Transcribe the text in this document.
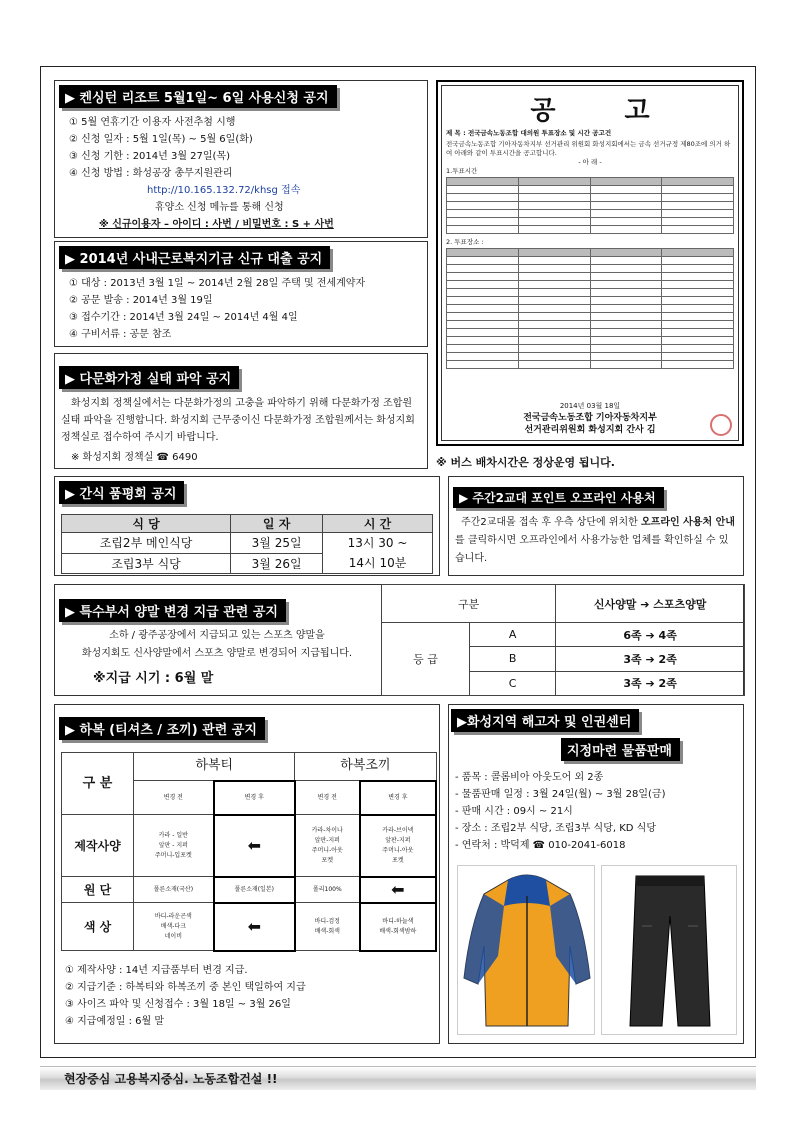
▶ 켄싱턴 리조트 5월1일~ 6일 사용신청 공지
① 5월 연휴기간 이용자 사전추첨 시행
② 신청 일자 : 5월 1일(목) ~ 5월 6일(화)
③ 신청 기한 : 2014년 3월 27일(목)
④ 신청 방법 : 화성공장 총무지원관리
http://10.165.132.72/khsg 접속
휴양소 신청 메뉴를 통해 신청
※ 신규이용자 – 아이디 : 사번 / 비밀번호 : S + 사번
▶ 2014년 사내근로복지기금 신규 대출 공지
① 대상 : 2013년 3월 1일 ~ 2014년 2월 28일 주택 및 전세계약자
② 공문 발송 : 2014년 3월 19일
③ 접수기간 : 2014년 3월 24일 ~ 2014년 4월 4일
④ 구비서류 : 공문 참조
▶ 다문화가정 실태 파악 공지
화성지회 정책실에서는 다문화가정의 고충을 파악하기 위해 다문화가정 조합원 실태 파악을 진행합니다. 화성지회 근무중이신 다문화가정 조합원께서는 화성지회 정책실로 접수하여 주시기 바랍니다.
※ 화성지회 정책실 ☎ 6490
공 고
제 목 : 전국금속노동조합 대의원 투표장소 및 시간 공고건
전국금속노동조합 기아자동차지부 선거관리 위원회 화성지회에서는 금속 선거규정 제80조에 의거 하여 아래와 같이 투표시간을 공고합니다.
- 아 래 -
1.투표시간

2. 투표장소 :

2014년 03월 18일
전국금속노동조합 기아자동차지부
선거관리위원회 화성지회 간사 김
※ 버스 배차시간은 정상운영 됩니다.
▶ 간식 품평회 공지
식 당	일 자	시 간
조립2부 메인식당	3월 25일	13시 30 ~
14시 10분

조립3부 식당	3월 26일	
▶ 주간2교대 포인트 오프라인 사용처
주간2교대몰 접속 후 우측 상단에 위치한 오프라인 사용처 안내를 클릭하시면 오프라인에서 사용가능한 업체를 확인하실 수 있습니다.
▶ 특수부서 양말 변경 지급 관련 공지
소하 / 광주공장에서 지급되고 있는 스포츠 양말을
화성지회도 신사양말에서 스포츠 양말로 변경되어 지급됩니다.
※지급 시기 : 6월 말
구분		신사양말 ➔ 스포츠양말
등 급	A	6족 ➔ 4족
	B	3족 ➔ 2족
	C	3족 ➔ 2족
▶ 하복 (티셔츠 / 조끼) 관련 공지
구 분	하복티		하복조끼	
	변경 전	변경 후	변경 전	변경 후
제작사양	카라 - 일반
앞판 - 지퍼
주머니-입포켓	⬅	카라-차이나
앞판-지퍼
주머니-아웃
포켓	카라-브이넥
앞판-지퍼
주머니-아웃
포켓
원 단	폴른소재(국산)	폴른소재(일본)	폴리100%	⬅
색 상	바디-라운곤색
배색-다크
네이비	⬅	바디-검정
배색-회색	바디-하늘색
배색-회색밤하
① 제작사양 : 14년 지급품부터 변경 지급.
② 지급기준 : 하복티와 하복조끼 중 본인 택일하여 지급
③ 사이즈 파악 및 신청접수 : 3월 18일 ~ 3월 26일
④ 지급예정일 : 6월 말
▶화성지역 해고자 및 인권센터
지정마련 물품판매
- 품목 : 콜롬비아 아웃도어 외 2종
- 물품판매 일정 : 3월 24일(월) ~ 3월 28일(금)
- 판매 시간 : 09시 ~ 21시
- 장소 : 조립2부 식당, 조립3부 식당, KD 식당
- 연락처 : 박덕제 ☎ 010-2041-6018
현장중심 고용복지중심. 노동조합건설 !!
